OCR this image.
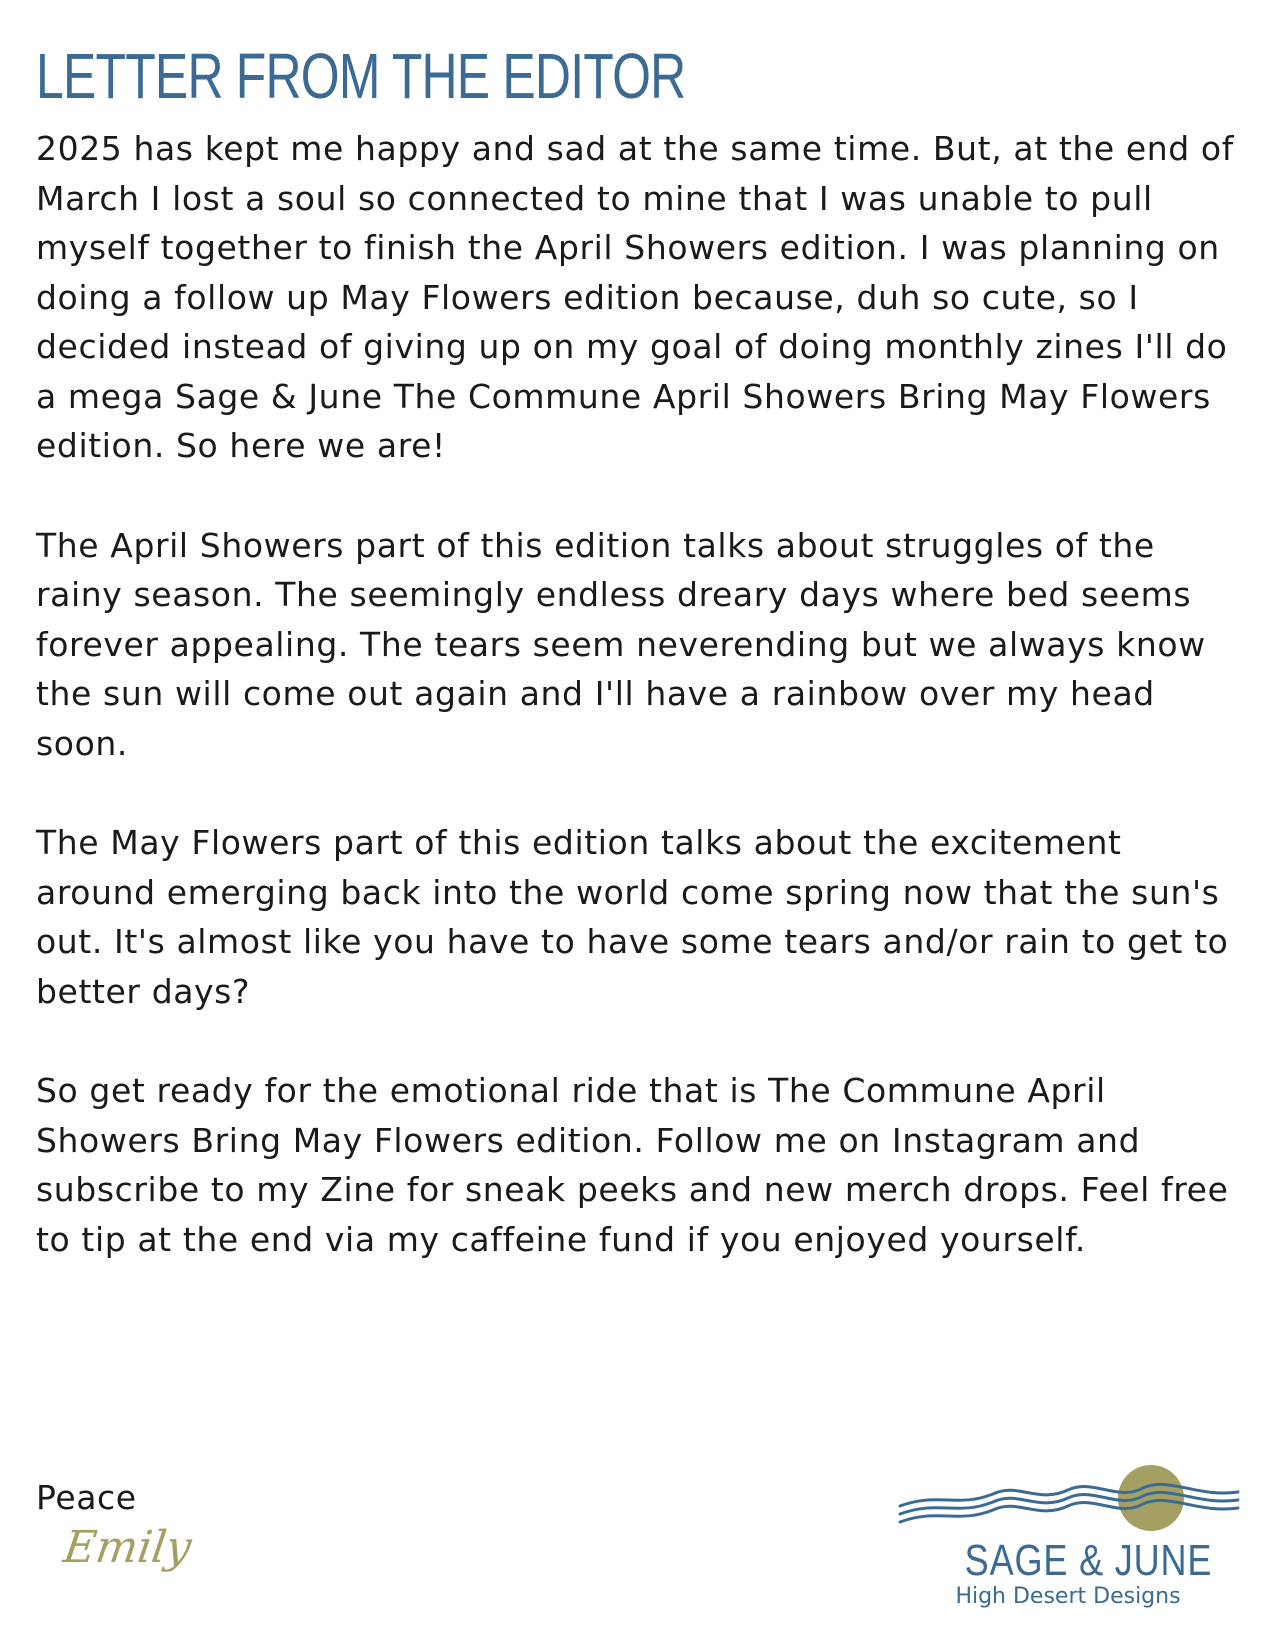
LETTER FROM THE EDITOR

2025 has kept me happy and sad at the same time. But, at the end of March I lost a soul so connected to mine that I was unable to pull myself together to finish the April Showers edition. I was planning on doing a follow up May Flowers edition because, duh so cute, so I decided instead of giving up on my goal of doing monthly zines I'll do a mega Sage & June The Commune April Showers Bring May Flowers edition. So here we are!

The April Showers part of this edition talks about struggles of the rainy season. The seemingly endless dreary days where bed seems forever appealing. The tears seem neverending but we always know the sun will come out again and I'll have a rainbow over my head soon.

The May Flowers part of this edition talks about the excitement around emerging back into the world come spring now that the sun's out. It's almost like you have to have some tears and/or rain to get to better days?

So get ready for the emotional ride that is The Commune April Showers Bring May Flowers edition. Follow me on Instagram and subscribe to my Zine for sneak peeks and new merch drops. Feel free to tip at the end via my caffeine fund if you enjoyed yourself.

Peace
Emily	SAGE & JUNE
High Desert Designs
